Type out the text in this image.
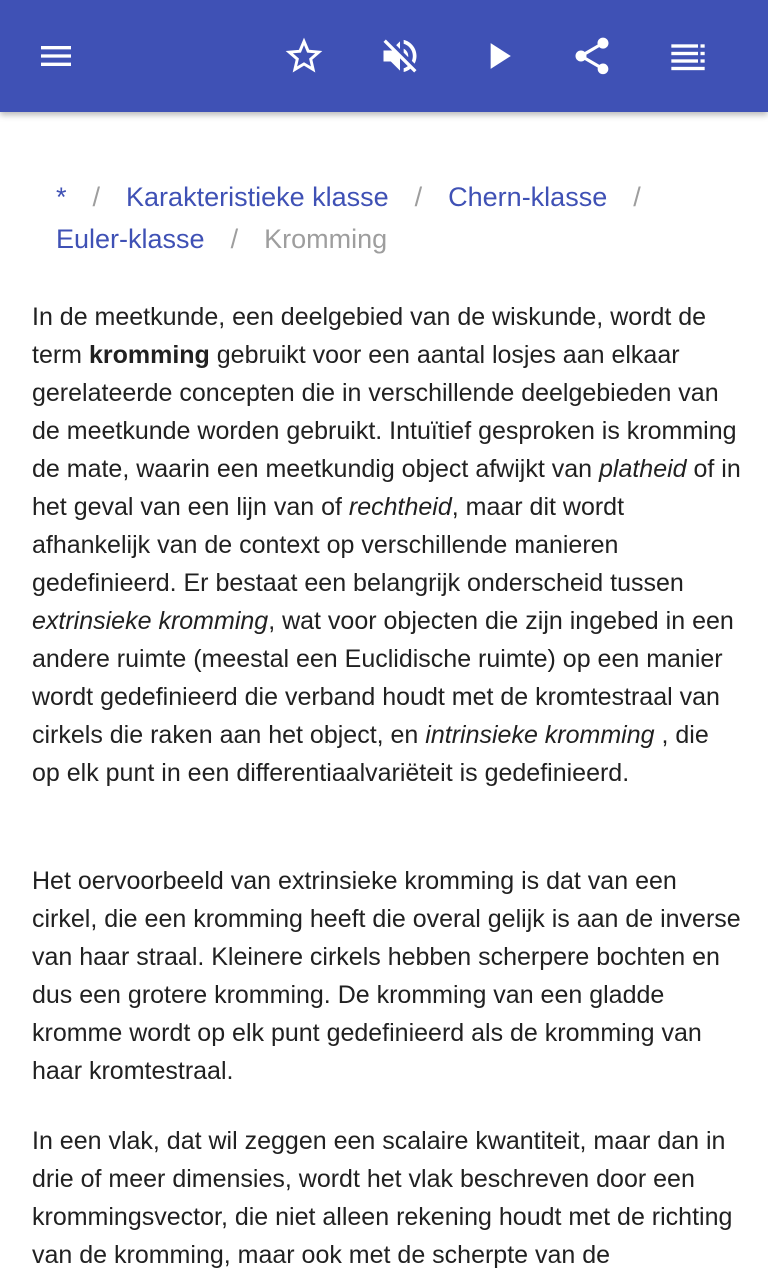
* / Karakteristieke klasse / Chern-klasse /
Euler-klasse / Kromming

In de meetkunde, een deelgebied van de wiskunde, wordt de term kromming gebruikt voor een aantal losjes aan elkaar gerelateerde concepten die in verschillende deelgebieden van de meetkunde worden gebruikt. Intuïtief gesproken is kromming de mate, waarin een meetkundig object afwijkt van platheid of in het geval van een lijn van of rechtheid, maar dit wordt afhankelijk van de context op verschillende manieren gedefinieerd. Er bestaat een belangrijk onderscheid tussen extrinsieke kromming, wat voor objecten die zijn ingebed in een andere ruimte (meestal een Euclidische ruimte) op een manier wordt gedefinieerd die verband houdt met de kromtestraal van cirkels die raken aan het object, en intrinsieke kromming , die op elk punt in een differentiaalvariëteit is gedefinieerd.

Het oervoorbeeld van extrinsieke kromming is dat van een cirkel, die een kromming heeft die overal gelijk is aan de inverse van haar straal. Kleinere cirkels hebben scherpere bochten en dus een grotere kromming. De kromming van een gladde kromme wordt op elk punt gedefinieerd als de kromming van haar kromtestraal.

In een vlak, dat wil zeggen een scalaire kwantiteit, maar dan in drie of meer dimensies, wordt het vlak beschreven door een krommingsvector, die niet alleen rekening houdt met de richting van de kromming, maar ook met de scherpte van de
